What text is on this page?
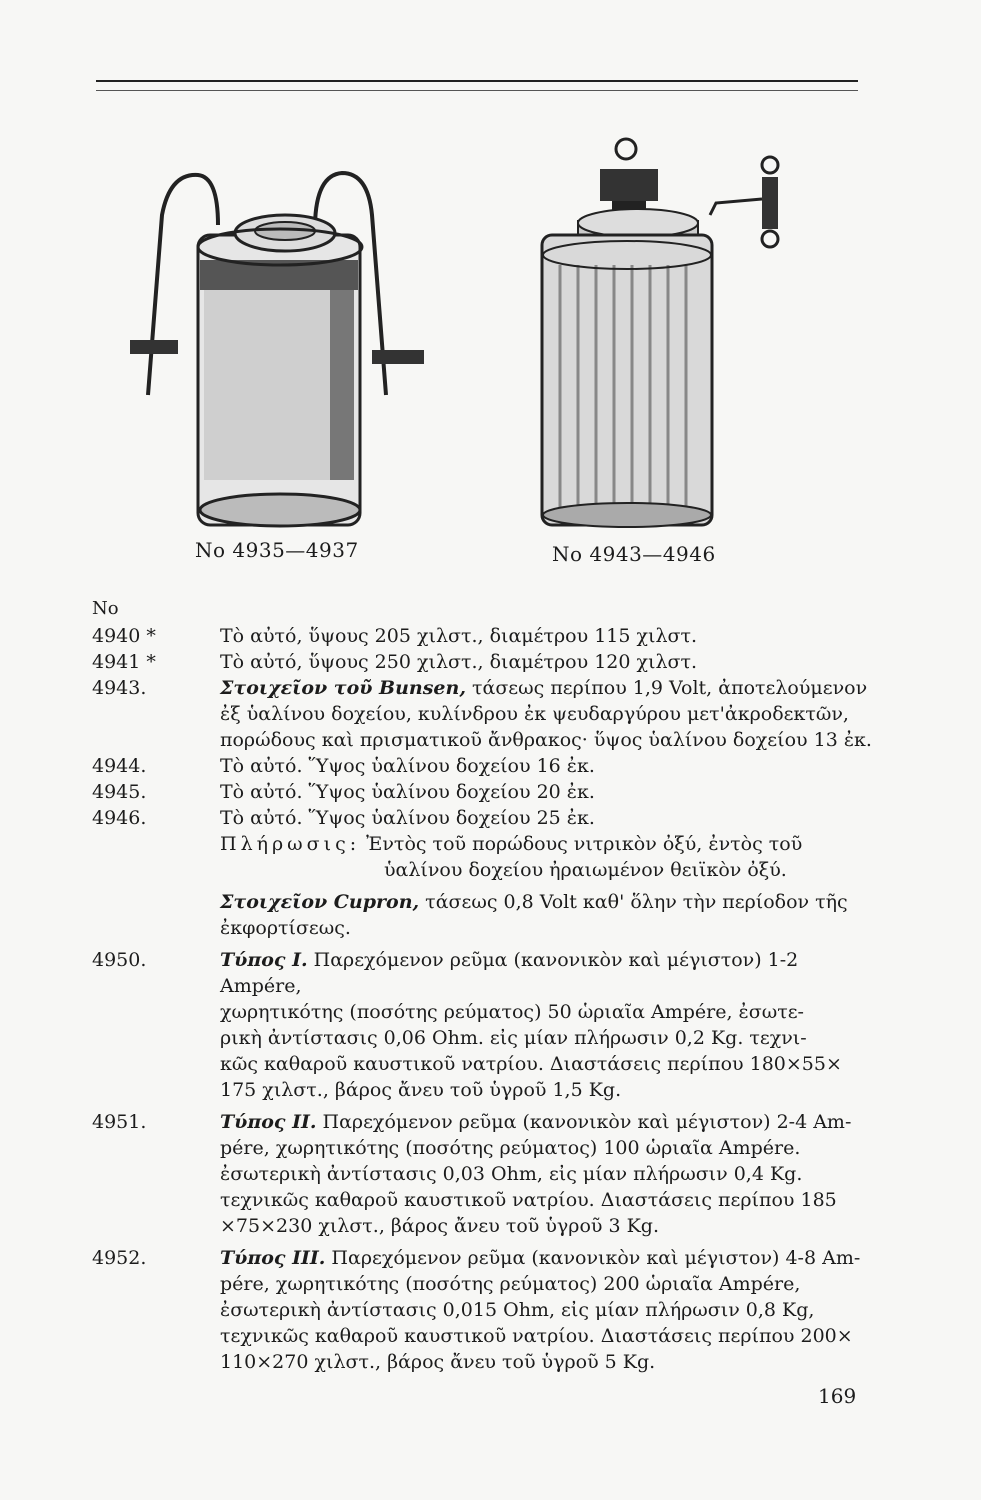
No 4935—4937	No 4943—4946
No
4940 *	Τὸ αὐτό, ὕψους 205 χιλστ., διαμέτρου 115 χιλστ.
4941 *	Τὸ αὐτό, ὕψους 250 χιλστ., διαμέτρου 120 χιλστ.
4943.	Στοιχεῖον τοῦ Bunsen, τάσεως περίπου 1,9 Volt, ἀποτελούμενον
ἐξ ὑαλίνου δοχείου, κυλίνδρου ἐκ ψευδαργύρου μετ'ἀκροδεκτῶν,
πορώδους καὶ πρισματικοῦ ἄνθρακος· ὕψος ὑαλίνου δοχείου 13 ἐκ.
4944.	Τὸ αὐτό. Ὕψος ὑαλίνου δοχείου 16 ἐκ.
4945.	Τὸ αὐτό. Ὕψος ὑαλίνου δοχείου 20 ἐκ.
4946.	Τὸ αὐτό. Ὕψος ὑαλίνου δοχείου 25 ἐκ.
Πλήρωσις: Ἐντὸς τοῦ πορώδους νιτρικὸν ὀξύ, ἐντὸς τοῦ
ὑαλίνου δοχείου ἠραιωμένον θειϊκὸν ὀξύ.
Στοιχεῖον Cupron, τάσεως 0,8 Volt καθ' ὅλην τὴν περίοδον τῆς
ἐκφορτίσεως.
4950.	Τύπος I. Παρεχόμενον ρεῦμα (κανονικὸν καὶ μέγιστον) 1-2 Ampére,
χωρητικότης (ποσότης ρεύματος) 50 ὡριαῖα Ampére, ἐσωτε-
ρικὴ ἀντίστασις 0,06 Ohm. εἰς μίαν πλήρωσιν 0,2 Kg. τεχνι-
κῶς καθαροῦ καυστικοῦ νατρίου. Διαστάσεις περίπου 180×55×
175 χιλστ., βάρος ἄνευ τοῦ ὑγροῦ 1,5 Kg.
4951.	Τύπος II. Παρεχόμενον ρεῦμα (κανονικὸν καὶ μέγιστον) 2-4 Am-
pére, χωρητικότης (ποσότης ρεύματος) 100 ὡριαῖα Ampére.
ἐσωτερικὴ ἀντίστασις 0,03 Ohm, εἰς μίαν πλήρωσιν 0,4 Kg.
τεχνικῶς καθαροῦ καυστικοῦ νατρίου. Διαστάσεις περίπου 185
×75×230 χιλστ., βάρος ἄνευ τοῦ ὑγροῦ 3 Kg.
4952.	Τύπος III. Παρεχόμενον ρεῦμα (κανονικὸν καὶ μέγιστον) 4-8 Am-
pére, χωρητικότης (ποσότης ρεύματος) 200 ὡριαῖα Ampére,
ἐσωτερικὴ ἀντίστασις 0,015 Ohm, εἰς μίαν πλήρωσιν 0,8 Kg,
τεχνικῶς καθαροῦ καυστικοῦ νατρίου. Διαστάσεις περίπου 200×
110×270 χιλστ., βάρος ἄνευ τοῦ ὑγροῦ 5 Kg.
169
